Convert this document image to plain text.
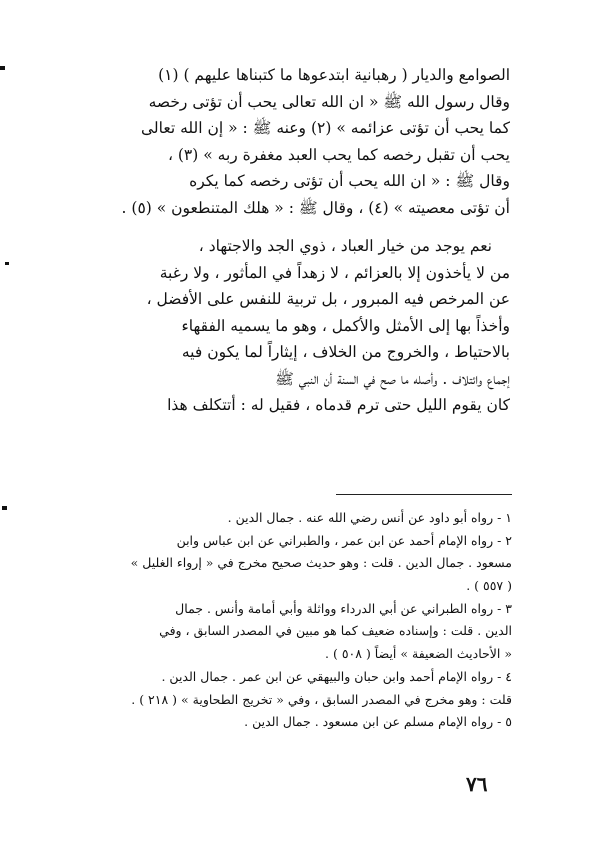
الصوامع والديار ( رهبانية ابتدعوها ما كتبناها عليهم ) (١)
وقال رسول الله ﷺ « ان الله تعالى يحب أن تؤتى رخصه
كما يحب أن تؤتى عزائمه » (٢) وعنه ﷺ : « إن الله تعالى
يحب أن تقبل رخصه كما يحب العبد مغفرة ربه » (٣) ،
وقال ﷺ : « ان الله يحب أن تؤتى رخصه كما يكره
أن تؤتى معصيته » (٤) ، وقال ﷺ : « هلك المتنطعون » (٥) .
نعم يوجد من خيار العباد ، ذوي الجد والاجتهاد ،
من لا يأخذون إلا بالعزائم ، لا زهداً في المأثور ، ولا رغبة
عن المرخص فيه المبرور ، بل تربية للنفس على الأفضل ،
وأخذاً بها إلى الأمثل والأكمل ، وهو ما يسميه الفقهاء
بالاحتياط ، والخروج من الخلاف ، إيثاراً لما يكون فيه
إجماع وائتلاف . وأصله ما صح في السنة أن النبي ﷺ
كان يقوم الليل حتى ترم قدماه ، فقيل له : أتتكلف هذا
١ - رواه أبو داود عن أنس رضي الله عنه . جمال الدين .
٢ - رواه الإمام أحمد عن ابن عمر ، والطبراني عن ابن عباس وابن
مسعود . جمال الدين . قلت : وهو حديث صحيح مخرج في « إرواء الغليل »
( ٥٥٧ ) .
٣ - رواه الطبراني عن أبي الدرداء وواثلة وأبي أمامة وأنس . جمال
الدين . قلت : وإسناده ضعيف كما هو مبين في المصدر السابق ، وفي
« الأحاديث الضعيفة » أيضاً ( ٥٠٨ ) .
٤ - رواه الإمام أحمد وابن حبان والبيهقي عن ابن عمر . جمال الدين .
قلت : وهو مخرج في المصدر السابق ، وفي « تخريج الطحاوية » ( ٢١٨ ) .
٥ - رواه الإمام مسلم عن ابن مسعود . جمال الدين .
٧٦
